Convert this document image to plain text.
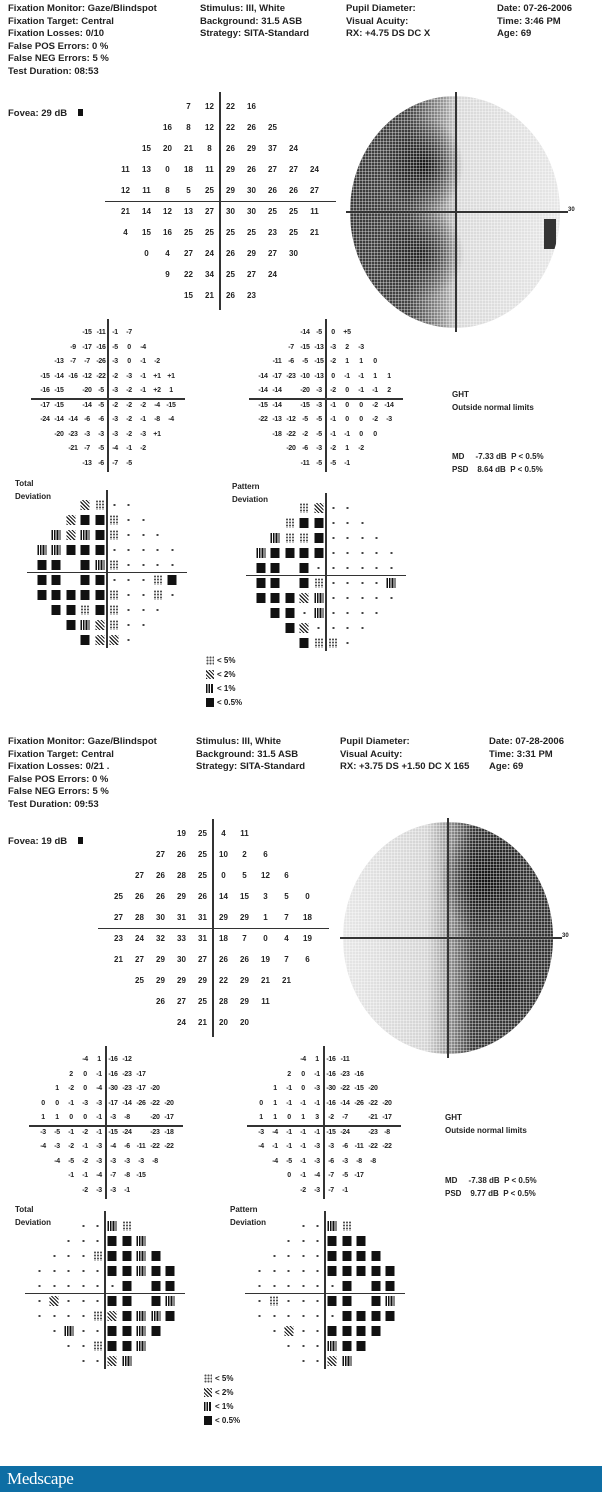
Fixation Monitor: Gaze/Blindspot
Fixation Target: Central
Fixation Losses: 0/10
False POS Errors: 0 %
False NEG Errors: 5 %
Test Duration: 08:53
Fovea: 29 dB
Stimulus: III, White
Background: 31.5 ASB
Strategy: SITA-Standard
Pupil Diameter:
Visual Acuity:
RX: +4.75 DS DC X
Date: 07-26-2006
Time: 3:46 PM
Age: 69
7	12	22	16
16	8	12	22	26	25
15	20	21	8	26	29	37	24
11	13	0	18	11	29	26	27	27	24
12	11	8	5	25	29	30	26	26	27
21	14	12	13	27	30	30	25	25	11
4	15	16	25	25	25	25	23	25	21
0	4	27	24	26	29	27	30
9	22	34	25	27	24
15	21	26	23
30
-15 -11 -1	-7
-9 -17 -16 -5	0	-4
-13 -7	-7 -26 -3	0	-1	-2
-15 -14 -16 -12 -22 -2	-3	-1	+1 +1
-16 -15	-20 -5	-3	-2	-1	+2	1
-17 -15	-14 -5	-2	-2	-2	-4 -15
-24 -14 -14 -6	-6	-3	-2	-1	-8	-4
-20 -23 -3	-3	-3	-2	-3	+1
-21 -7	-5	-4	-1	-2
-13 -6	-7	-5
-14 -5	0	+5
-7 -15 -13 -3	2	-3
-11 -6	-5 -15 -2	1	1	0
-14 -17 -23 -10 -13	0	-1	-1	1	1
-14 -14	-20 -3	-2	0	-1	-1	2
-15 -14	-15 -3	-1	0	0	-2 -14
-22 -13 -12 -5	-5	-1	0	0	-2	-3
-18 -22 -2	-5	-1	-1	0	0
-20 -6	-3	-2	1	-2
-11 -5	-5	-1
GHT
Outside normal limits
MD     -7.33 dB  P < 0.5%
PSD    8.64 dB  P < 0.5%
Total
Deviation
Pattern
Deviation
< 5%
< 2%
< 1%
< 0.5%
Fixation Monitor: Gaze/Blindspot
Fixation Target: Central
Fixation Losses: 0/21 .
False POS Errors: 0 %
False NEG Errors: 5 %
Test Duration: 09:53
Fovea: 19 dB
Stimulus: III, White
Background: 31.5 ASB
Strategy: SITA-Standard
Pupil Diameter:
Visual Acuity:
RX: +3.75 DS +1.50 DC X 165
Date: 07-28-2006
Time: 3:31 PM
Age: 69
19	25	4	11
27	26	25	10	2	6
27	26	28	25	0	5	12	6
25	26	26	29	26	14	15	3	5	0
27	28	30	31	31	29	29	1	7	18
23	24	32	33	31	18	7	0	4	19
21	27	29	30	27	26	26	19	7	6
25	29	29	29	22	29	21	21
26	27	25	28	29	11
24	21	20	20
30
-4	1	-16 -12
2	0	-1 -16 -23 -17
1	-2	0	-4 -30 -23 -17 -20
0	0	-1	-3	-3 -17 -14 -26 -22 -20
1	1	0	0	-1	-3	-8	-20 -17
-3	-5	-1	-2	-1 -15 -24	-23 -18
-4	-3	-2	-1	-3	-4	-6 -11 -22 -22
-4	-5	-2	-3	-3	-3	-3	-8
-1	-1	-4	-7	-8 -15
-2	-3	-3	-1
-4	1	-16 -11
2	0	-1 -16 -23 -16
1	-1	0	-3 -30 -22 -15 -20
0	1	-1	-1	-1 -16 -14 -26 -22 -20
1	1	0	1	3	-2	-7	-21 -17
-3	-4	-1	-1	-1 -15 -24	-23 -8
-4	-1	-1	-1	-3	-3	-6 -11 -22 -22
-4	-5	-1	-3	-6	-3	-8	-8
0	-1	-4	-7	-5 -17
-2	-3	-7	-1
GHT
Outside normal limits
MD     -7.38 dB  P < 0.5%
PSD    9.77 dB  P < 0.5%
Total
Deviation
Pattern
Deviation
< 5%
< 2%
< 1%
< 0.5%
Medscape
